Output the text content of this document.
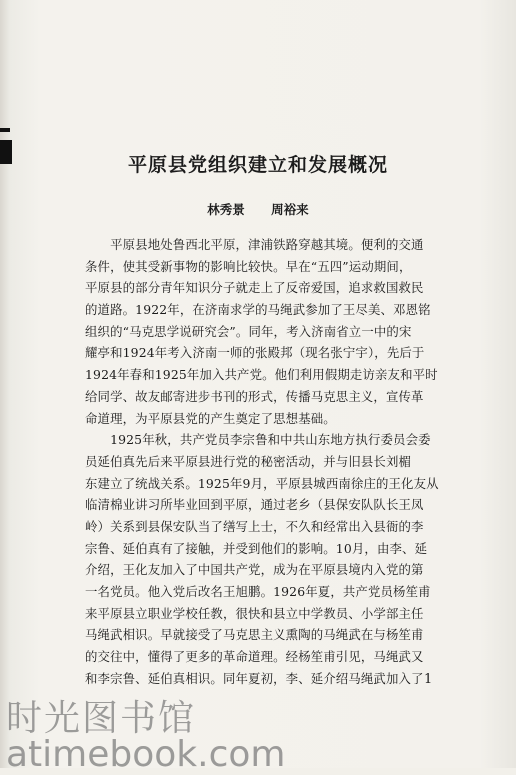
平原县党组织建立和发展概况
林秀景 周裕来
　　平原县地处鲁西北平原，津浦铁路穿越其境。便利的交通
条件，使其受新事物的影响比较快。早在“五四”运动期间，
平原县的部分青年知识分子就走上了反帝爱国，追求救国救民
的道路。1922年，在济南求学的马绳武参加了王尽美、邓恩铭
组织的“马克思学说研究会”。同年，考入济南省立一中的宋
耀亭和1924年考入济南一师的张殿邦（现名张宁宇），先后于
1924年春和1925年加入共产党。他们利用假期走访亲友和平时
给同学、故友邮寄进步书刊的形式，传播马克思主义，宣传革
命道理，为平原县党的产生奠定了思想基础。
　　1925年秋，共产党员李宗鲁和中共山东地方执行委员会委
员延伯真先后来平原县进行党的秘密活动，并与旧县长刘楣
东建立了统战关系。1925年9月，平原县城西南徐庄的王化友从
临清棉业讲习所毕业回到平原，通过老乡（县保安队队长王凤
岭）关系到县保安队当了缮写上士，不久和经常出入县衙的李
宗鲁、延伯真有了接触，并受到他们的影响。10月，由李、延
介绍，王化友加入了中国共产党，成为在平原县境内入党的第
一名党员。他入党后改名王旭鹏。1926年夏，共产党员杨笙甫
来平原县立职业学校任教，很快和县立中学教员、小学部主任
马绳武相识。早就接受了马克思主义熏陶的马绳武在与杨笙甫
的交往中，懂得了更多的革命道理。经杨笙甫引见，马绳武又
和李宗鲁、延伯真相识。同年夏初，李、延介绍马绳武加入了 1
时光图书馆
atimebook.com
